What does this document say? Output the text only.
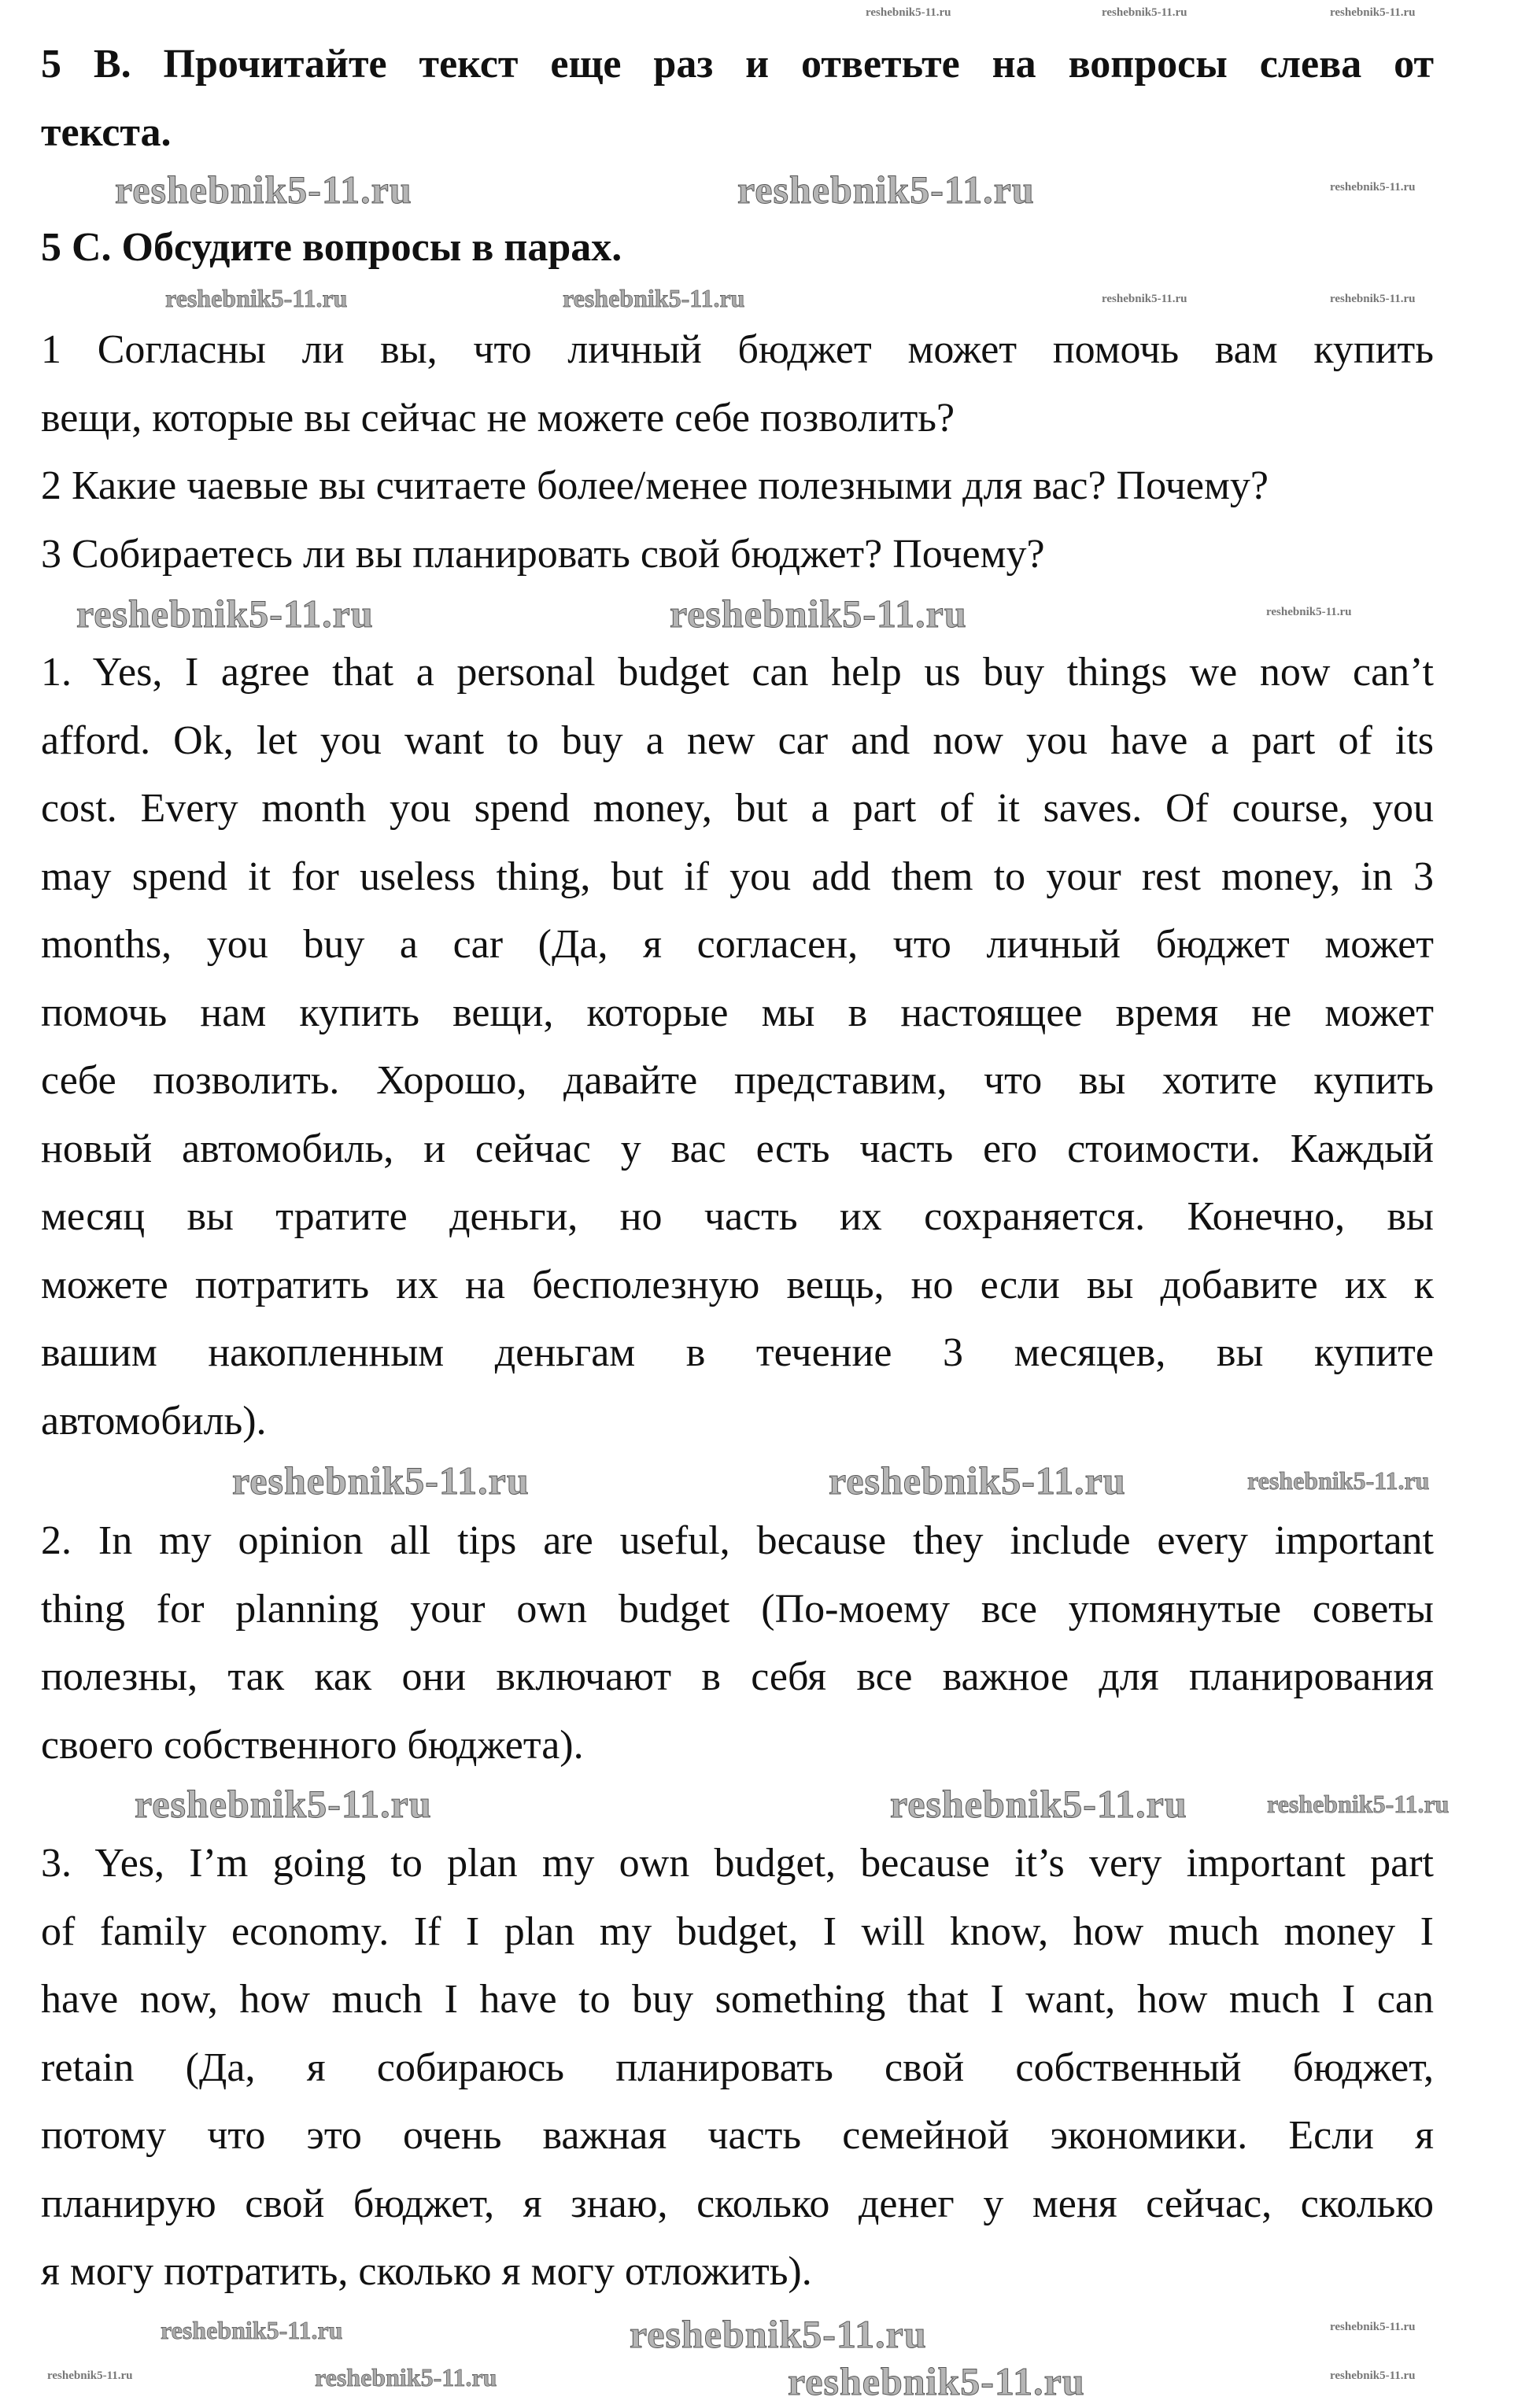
reshebnik5-11.ru	reshebnik5-11.ru	reshebnik5-11.ru
reshebnik5-11.ru	reshebnik5-11.ru	reshebnik5-11.ru
reshebnik5-11.ru	reshebnik5-11.ru	reshebnik5-11.ru	reshebnik5-11.ru
reshebnik5-11.ru	reshebnik5-11.ru	reshebnik5-11.ru
reshebnik5-11.ru	reshebnik5-11.ru	reshebnik5-11.ru
reshebnik5-11.ru	reshebnik5-11.ru	reshebnik5-11.ru
reshebnik5-11.ru	reshebnik5-11.ru	reshebnik5-11.ru
reshebnik5-11.ru	reshebnik5-11.ru	reshebnik5-11.ru	reshebnik5-11.ru
5 В. Прочитайте текст еще раз и ответьте на вопросы слева от
текста.
5 С. Обсудите вопросы в парах.
1 Согласны ли вы, что личный бюджет может помочь вам купить
вещи, которые вы сейчас не можете себе позволить?
2 Какие чаевые вы считаете более/менее полезными для вас? Почему?
3 Собираетесь ли вы планировать свой бюджет? Почему?
1. Yes, I agree that a personal budget can help us buy things we now can’t
afford. Ok, let you want to buy a new car and now you have a part of its
cost. Every month you spend money, but a part of it saves. Of course, you
may spend it for useless thing, but if you add them to your rest money, in 3
months, you buy a car (Да, я согласен, что личный бюджет может
помочь нам купить вещи, которые мы в настоящее время не может
себе позволить. Хорошо, давайте представим, что вы хотите купить
новый автомобиль, и сейчас у вас есть часть его стоимости. Каждый
месяц вы тратите деньги, но часть их сохраняется. Конечно, вы
можете потратить их на бесполезную вещь, но если вы добавите их к
вашим накопленным деньгам в течение 3 месяцев, вы купите
автомобиль).
2. In my opinion all tips are useful, because they include every important
thing for planning your own budget (По-моему все упомянутые советы
полезны, так как они включают в себя все важное для планирования
своего собственного бюджета).
3. Yes, I’m going to plan my own budget, because it’s very important part
of family economy. If I plan my budget, I will know, how much money I
have now, how much I have to buy something that I want, how much I can
retain (Да, я собираюсь планировать свой собственный бюджет,
потому что это очень важная часть семейной экономики. Если я
планирую свой бюджет, я знаю, сколько денег у меня сейчас, сколько
я могу потратить, сколько я могу отложить).
